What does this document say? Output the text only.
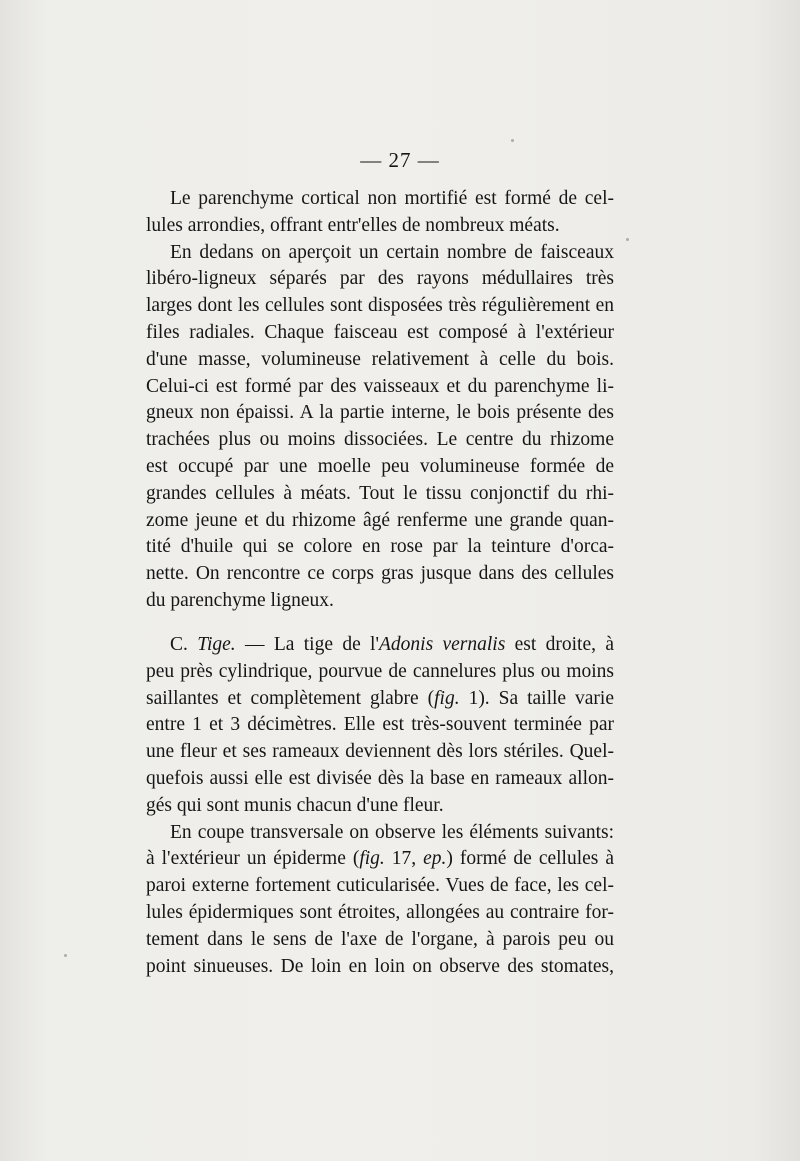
— 27 —
Le parenchyme cortical non mortifié est formé de cel-
lules arrondies, offrant entr'elles de nombreux méats.
En dedans on aperçoit un certain nombre de faisceaux
libéro-ligneux séparés par des rayons médullaires très
larges dont les cellules sont disposées très régulièrement en
files radiales. Chaque faisceau est composé à l'extérieur
d'une masse, volumineuse relativement à celle du bois.
Celui-ci est formé par des vaisseaux et du parenchyme li-
gneux non épaissi. A la partie interne, le bois présente des
trachées plus ou moins dissociées. Le centre du rhizome
est occupé par une moelle peu volumineuse formée de
grandes cellules à méats. Tout le tissu conjonctif du rhi-
zome jeune et du rhizome âgé renferme une grande quan-
tité d'huile qui se colore en rose par la teinture d'orca-
nette. On rencontre ce corps gras jusque dans des cellules
du parenchyme ligneux.
C. Tige. — La tige de l'Adonis vernalis est droite, à
peu près cylindrique, pourvue de cannelures plus ou moins
saillantes et complètement glabre (fig. 1). Sa taille varie
entre 1 et 3 décimètres. Elle est très-souvent terminée par
une fleur et ses rameaux deviennent dès lors stériles. Quel-
quefois aussi elle est divisée dès la base en rameaux allon-
gés qui sont munis chacun d'une fleur.
En coupe transversale on observe les éléments suivants:
à l'extérieur un épiderme (fig. 17, ep.) formé de cellules à
paroi externe fortement cuticularisée. Vues de face, les cel-
lules épidermiques sont étroites, allongées au contraire for-
tement dans le sens de l'axe de l'organe, à parois peu ou
point sinueuses. De loin en loin on observe des stomates,
